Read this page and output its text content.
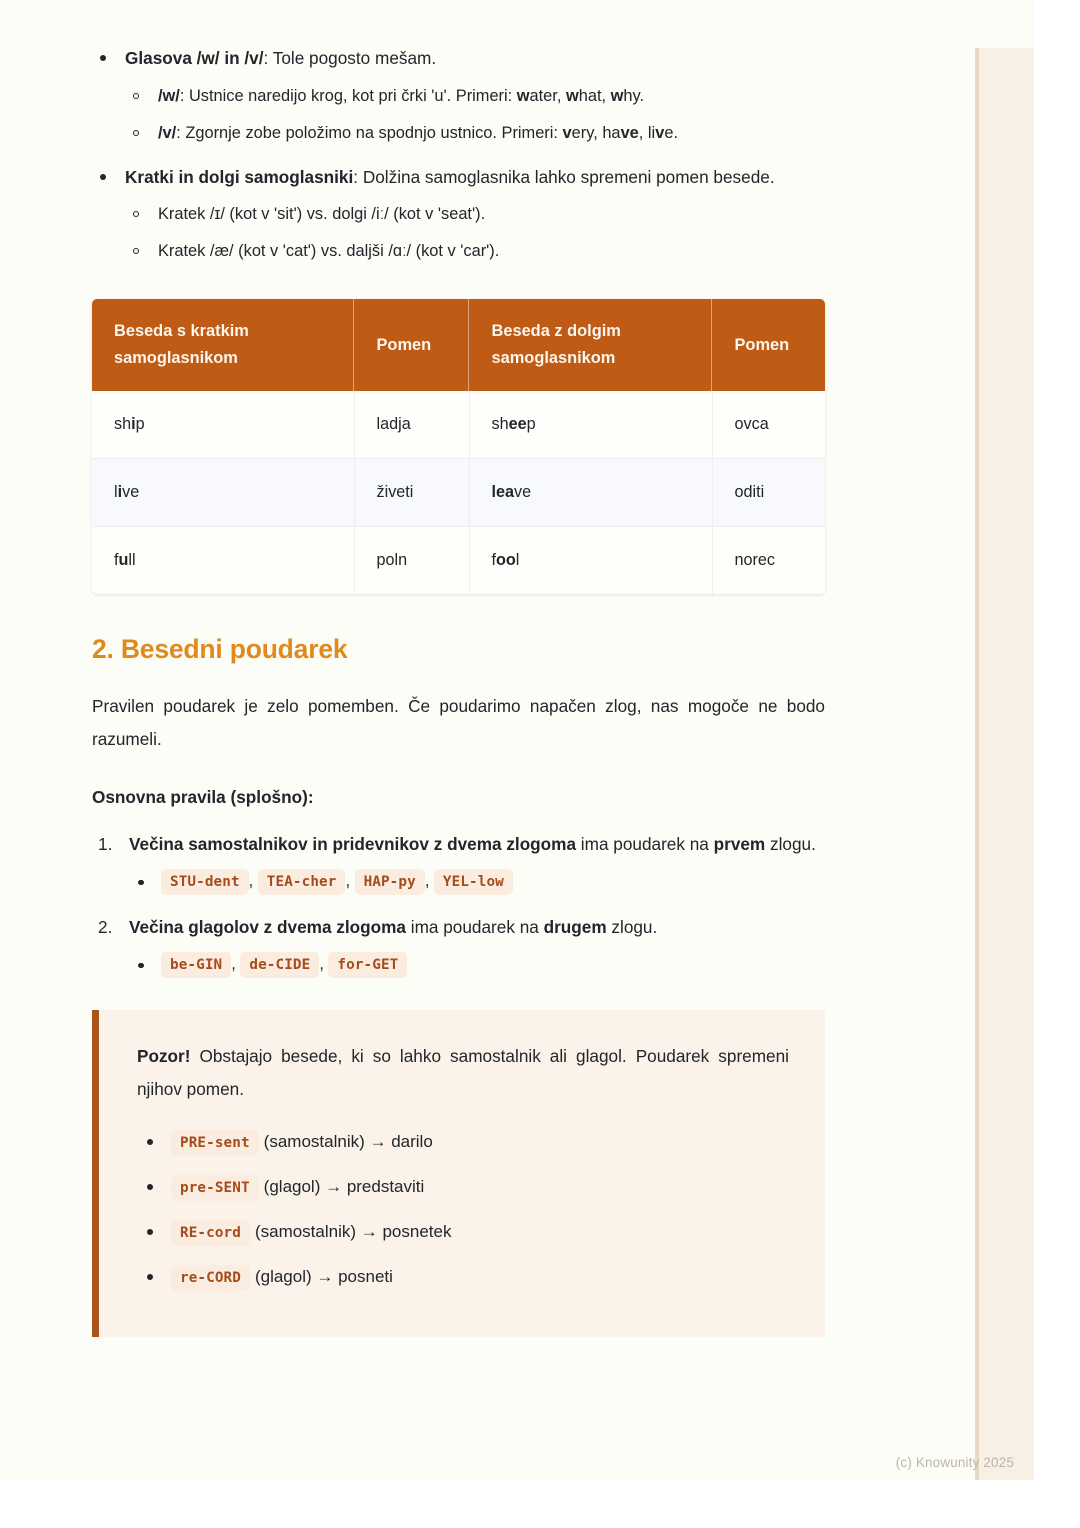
Glasova /w/ in /v/: Tole pogosto mešam.
/w/: Ustnice naredijo krog, kot pri črki 'u'. Primeri: water, what, why.
/v/: Zgornje zobe položimo na spodnjo ustnico. Primeri: very, have, live.
Kratki in dolgi samoglasniki: Dolžina samoglasnika lahko spremeni pomen besede.
Kratek /ɪ/ (kot v 'sit') vs. dolgi /iː/ (kot v 'seat').
Kratek /æ/ (kot v 'cat') vs. daljši /ɑː/ (kot v 'car').
Beseda s kratkim samoglasnikom	Pomen	Beseda z dolgim samoglasnikom	Pomen
ship	ladja	sheep	ovca
live	živeti	leave	oditi
full	poln	fool	norec
2. Besedni poudarek

Pravilen poudarek je zelo pomemben. Če poudarimo napačen zlog, nas mogoče ne bodo razumeli.

Osnovna pravila (splošno):

Večina samostalnikov in pridevnikov z dvema zlogoma ima poudarek na prvem zlogu.
STU-dent , TEA-cher , HAP-py , YEL-low
Večina glagolov z dvema zlogoma ima poudarek na drugem zlogu.
be-GIN , de-CIDE , for-GET

Pozor! Obstajajo besede, ki so lahko samostalnik ali glagol. Poudarek spremeni njihov pomen.

PRE-sent (samostalnik) → darilo
pre-SENT (glagol) → predstaviti
RE-cord (samostalnik) → posnetek
re-CORD (glagol) → posneti
(c) Knowunity 2025
